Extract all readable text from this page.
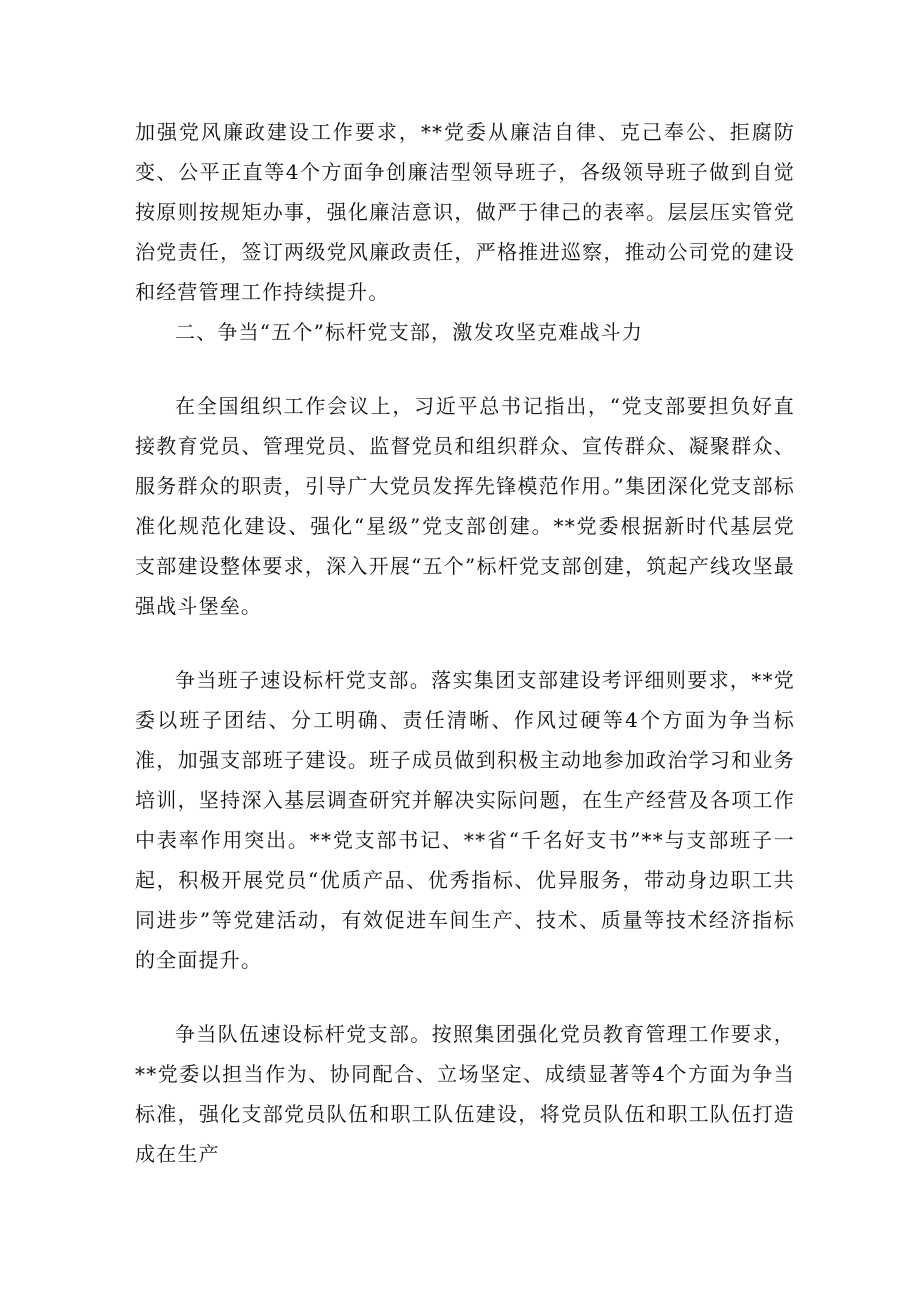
加强党风廉政建设工作要求，**党委从廉洁自律、克己奉公、拒腐防变、公平正直等4个方面争创廉洁型领导班子，各级领导班子做到自觉按原则按规矩办事，强化廉洁意识，做严于律己的表率。层层压实管党治党责任，签订两级党风廉政责任，严格推进巡察，推动公司党的建设和经营管理工作持续提升。

二、争当“五个”标杆党支部，激发攻坚克难战斗力

在全国组织工作会议上，习近平总书记指出，“党支部要担负好直接教育党员、管理党员、监督党员和组织群众、宣传群众、凝聚群众、服务群众的职责，引导广大党员发挥先锋模范作用。”集团深化党支部标准化规范化建设、强化“星级”党支部创建。**党委根据新时代基层党支部建设整体要求，深入开展“五个”标杆党支部创建，筑起产线攻坚最强战斗堡垒。

争当班子速设标杆党支部。落实集团支部建设考评细则要求，**党委以班子团结、分工明确、责任清晰、作风过硬等4个方面为争当标准，加强支部班子建设。班子成员做到积极主动地参加政治学习和业务培训，坚持深入基层调查研究并解决实际问题，在生产经营及各项工作中表率作用突出。**党支部书记、**省“千名好支书”**与支部班子一起，积极开展党员“优质产品、优秀指标、优异服务，带动身边职工共同进步”等党建活动，有效促进车间生产、技术、质量等技术经济指标的全面提升。

争当队伍速设标杆党支部。按照集团强化党员教育管理工作要求，**党委以担当作为、协同配合、立场坚定、成绩显著等4个方面为争当标准，强化支部党员队伍和职工队伍建设，将党员队伍和职工队伍打造成在生产
